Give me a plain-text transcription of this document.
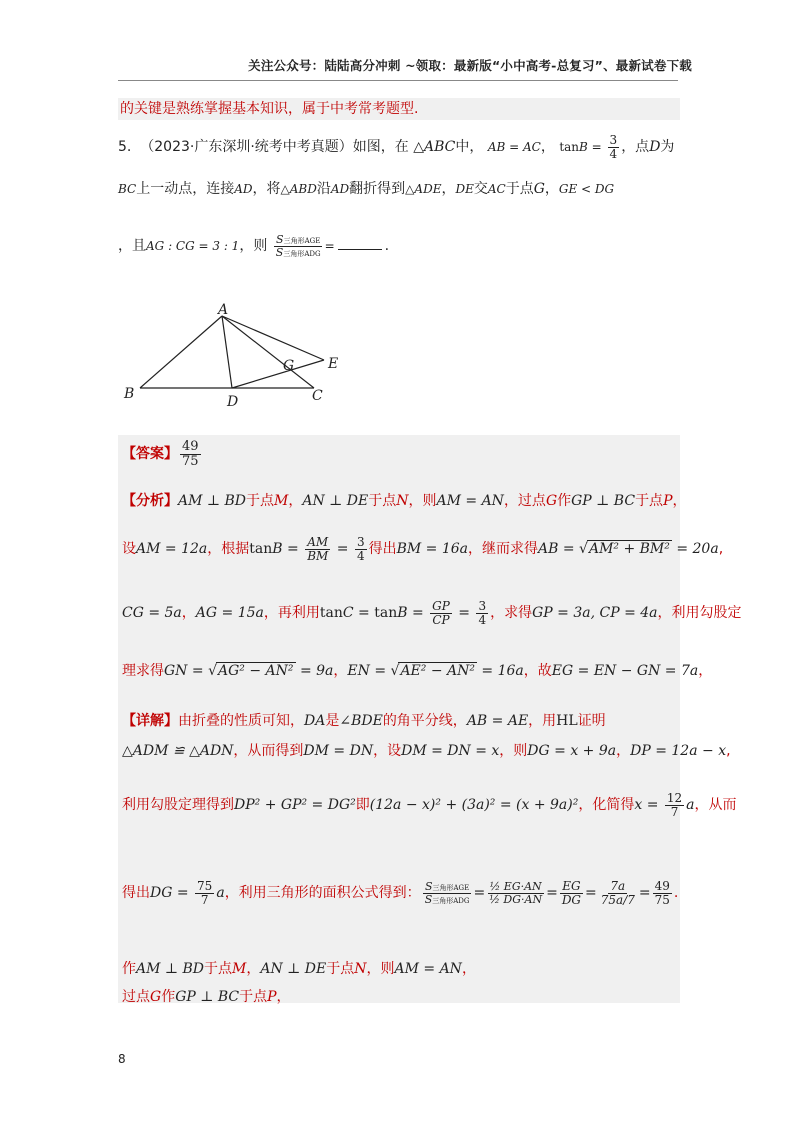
关注公众号：陆陆高分冲刺 ~领取：最新版“小中高考-总复习”、最新试卷下载
的关键是熟练掌握基本知识，属于中考常考题型.
5. （2023·广东深圳·统考中考真题）如图，在 △ABC中， AB = AC， $\tan B = \frac{3}{4}$ ，点D为
BC上一动点，连接AD，将△ABD沿AD翻折得到△ADE，DE交AC于点G，GE < DG
，且AG : CG = 3 : 1，则 $\frac{\text{S三角形AGE}}{\text{S三角形ADG}}$ =	.
A
B	C
D
E
G
【答案】 $\frac{49}{75}$
【分析】AM ⊥ BD于点M，AN ⊥ DE于点N，则AM = AN，过点G作GP ⊥ BC于点P，
设AM = 12a，根据$\tan B = \frac{AM}{BM} = \frac{3}{4}$ 得出BM = 16a，继而求得AB = √AM² + BM² = 20a,
CG = 5a，AG = 15a，再利用$\tan C = \tan B = \frac{GP}{CP} = \frac{3}{4}$ ，求得GP = 3a, CP = 4a，利用勾股定
理求得GN = √AG² − AN² = 9a，EN = √AE² − AN² = 16a，故EG = EN − GN = 7a，
【详解】由折叠的性质可知，DA是∠BDE的角平分线，AB = AE，用HL证明
△ADM ≌ △ADN，从而得到DM = DN，设DM = DN = x，则DG = x + 9a，DP = 12a − x,
利用勾股定理得到DP² + GP² = DG²即(12a − x)² + (3a)² = (x + 9a)²，化简得$x = \frac{12}{7}$ a，从而
得出DG = $\frac{75}{7}$ a，利用三角形的面积公式得到： $\frac{\text{S三角形AGE}}{\text{S三角形ADG}} = \frac{\text{½ EG·AN}}{\text{½ DG·AN}} = \frac{EG}{DG} = \frac{7a}{75a/7} = \frac{49}{75}$ .
作AM ⊥ BD于点M，AN ⊥ DE于点N，则AM = AN，
过点G作GP ⊥ BC于点P，
8
